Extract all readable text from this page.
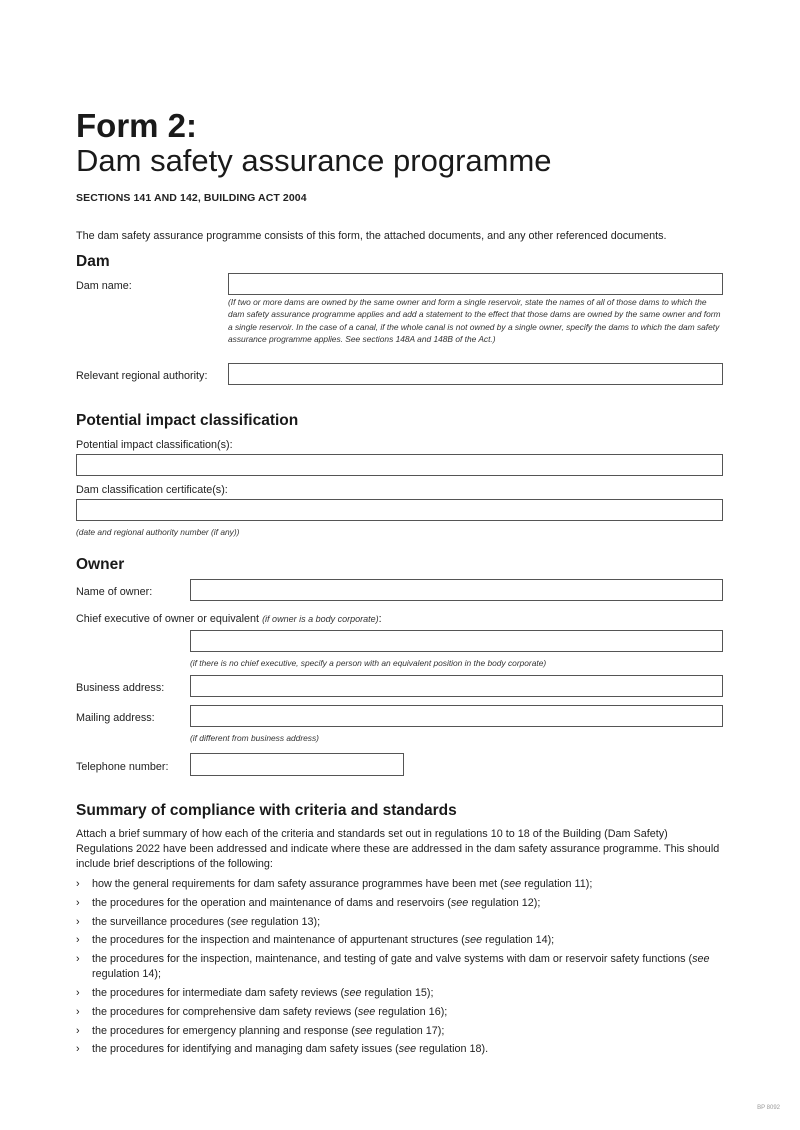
Form 2:
Dam safety assurance programme
SECTIONS 141 AND 142, BUILDING ACT 2004
The dam safety assurance programme consists of this form, the attached documents, and any other referenced documents.
Dam
Dam name:
(If two or more dams are owned by the same owner and form a single reservoir, state the names of all of those dams to which the dam safety assurance programme applies and add a statement to the effect that those dams are owned by the same owner and form a single reservoir. In the case of a canal, if the whole canal is not owned by a single owner, specify the dams to which the dam safety assurance programme applies. See sections 148A and 148B of the Act.)
Relevant regional authority:
Potential impact classification
Potential impact classification(s):
Dam classification certificate(s):
(date and regional authority number (if any))
Owner
Name of owner:
Chief executive of owner or equivalent (if owner is a body corporate):
(if there is no chief executive, specify a person with an equivalent position in the body corporate)
Business address:
Mailing address:
(if different from business address)
Telephone number:
Summary of compliance with criteria and standards
Attach a brief summary of how each of the criteria and standards set out in regulations 10 to 18 of the Building (Dam Safety) Regulations 2022 have been addressed and indicate where these are addressed in the dam safety assurance programme. This should include brief descriptions of the following:
› how the general requirements for dam safety assurance programmes have been met (see regulation 11);
› the procedures for the operation and maintenance of dams and reservoirs (see regulation 12);
› the surveillance procedures (see regulation 13);
› the procedures for the inspection and maintenance of appurtenant structures (see regulation 14);
› the procedures for the inspection, maintenance, and testing of gate and valve systems with dam or reservoir safety functions (see regulation 14);
› the procedures for intermediate dam safety reviews (see regulation 15);
› the procedures for comprehensive dam safety reviews (see regulation 16);
› the procedures for emergency planning and response (see regulation 17);
› the procedures for identifying and managing dam safety issues (see regulation 18).
BP 8092
